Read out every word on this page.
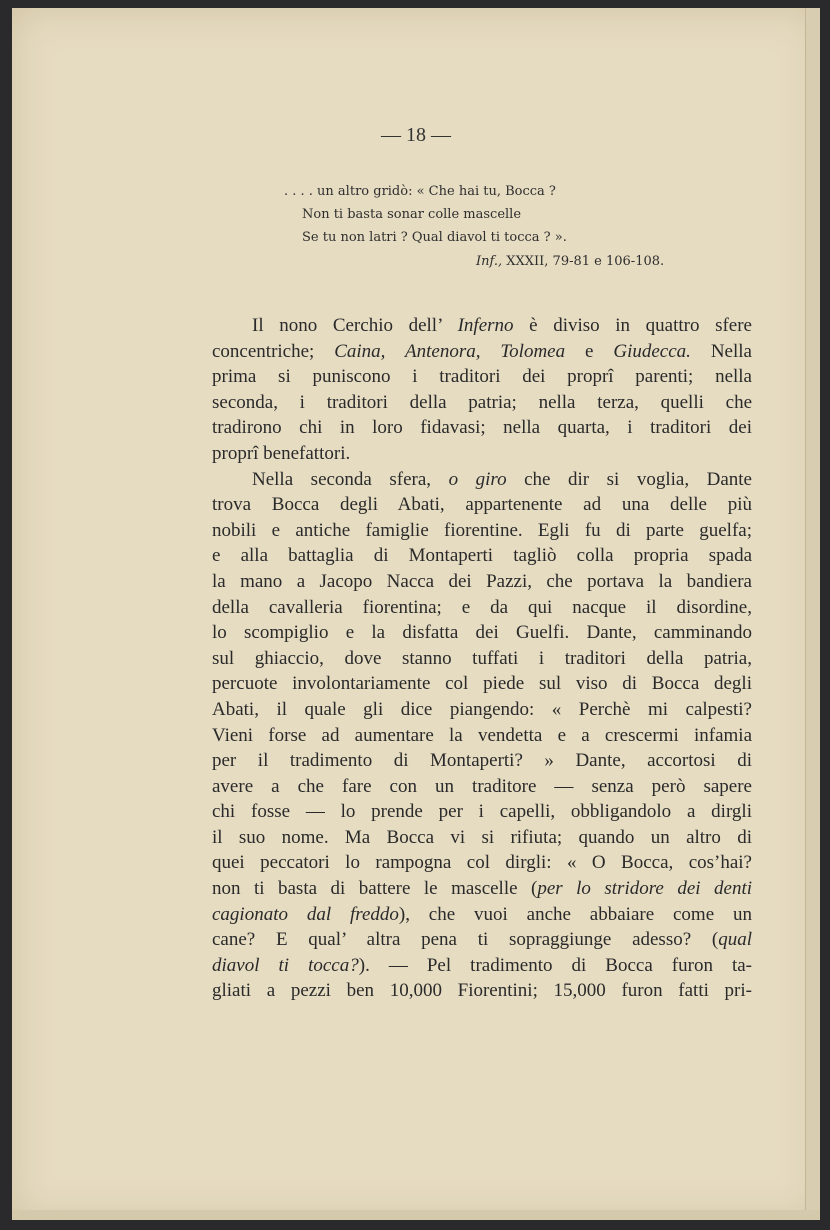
— 18 —
. . . . un altro gridò: « Che hai tu, Bocca ?
Non ti basta sonar colle mascelle
Se tu non latri ? Qual diavol ti tocca ? ».
Inf., XXXII, 79-81 e 106-108.
Il nono Cerchio dell’ Inferno è diviso in quattro sfere
concentriche; Caina, Antenora, Tolomea e Giudecca. Nella
prima si puniscono i traditori dei proprî parenti; nella
seconda, i traditori della patria; nella terza, quelli che
tradirono chi in loro fidavasi; nella quarta, i traditori dei
proprî benefattori.
Nella seconda sfera, o giro che dir si voglia, Dante
trova Bocca degli Abati, appartenente ad una delle più
nobili e antiche famiglie fiorentine. Egli fu di parte guelfa;
e alla battaglia di Montaperti tagliò colla propria spada
la mano a Jacopo Nacca dei Pazzi, che portava la bandiera
della cavalleria fiorentina; e da qui nacque il disordine,
lo scompiglio e la disfatta dei Guelfi. Dante, camminando
sul ghiaccio, dove stanno tuffati i traditori della patria,
percuote involontariamente col piede sul viso di Bocca degli
Abati, il quale gli dice piangendo: « Perchè mi calpesti?
Vieni forse ad aumentare la vendetta e a crescermi infamia
per il tradimento di Montaperti? » Dante, accortosi di
avere a che fare con un traditore — senza però sapere
chi fosse — lo prende per i capelli, obbligandolo a dirgli
il suo nome. Ma Bocca vi si rifiuta; quando un altro di
quei peccatori lo rampogna col dirgli: « O Bocca, cos’hai?
non ti basta di battere le mascelle (per lo stridore dei denti
cagionato dal freddo), che vuoi anche abbaiare come un
cane? E qual’ altra pena ti sopraggiunge adesso? (qual
diavol ti tocca?). — Pel tradimento di Bocca furon ta-
gliati a pezzi ben 10,000 Fiorentini; 15,000 furon fatti pri-
